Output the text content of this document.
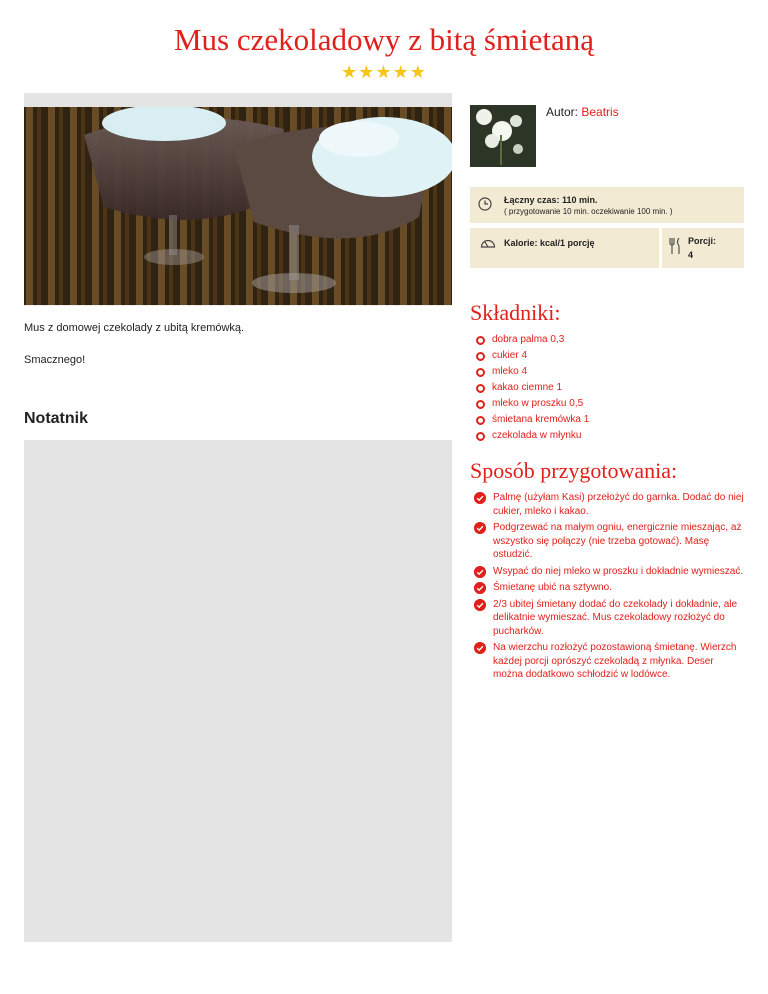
Mus czekoladowy z bitą śmietaną
★★★★★

Mus z domowej czekolady z ubitą kremówką.

Smacznego!

Notatnik
Autor: Beatris
Łączny czas: 110 min.
( przygotowanie 10 min. oczekiwanie 100 min. )
Kalorie: kcal/1 porcję	Porcji:
4
Składniki:
dobra palma 0,3
cukier 4
mleko 4
kakao ciemne 1
mleko w proszku 0,5
śmietana kremówka 1
czekolada w młynku
Sposób przygotowania:
Palmę (użyłam Kasi) przełożyć do garnka. Dodać do niej cukier, mleko i kakao.
Podgrzewać na małym ogniu, energicznie mieszając, aż wszystko się połączy (nie trzeba gotować). Masę ostudzić.
Wsypać do niej mleko w proszku i dokładnie wymieszać.
Śmietanę ubić na sztywno.
2/3 ubitej śmietany dodać do czekolady i dokładnie, ale delikatnie wymieszać. Mus czekoladowy rozłożyć do pucharków.
Na wierzchu rozłożyć pozostawioną śmietanę. Wierzch każdej porcji oprószyć czekoladą z młynka. Deser można dodatkowo schłodzić w lodówce.
